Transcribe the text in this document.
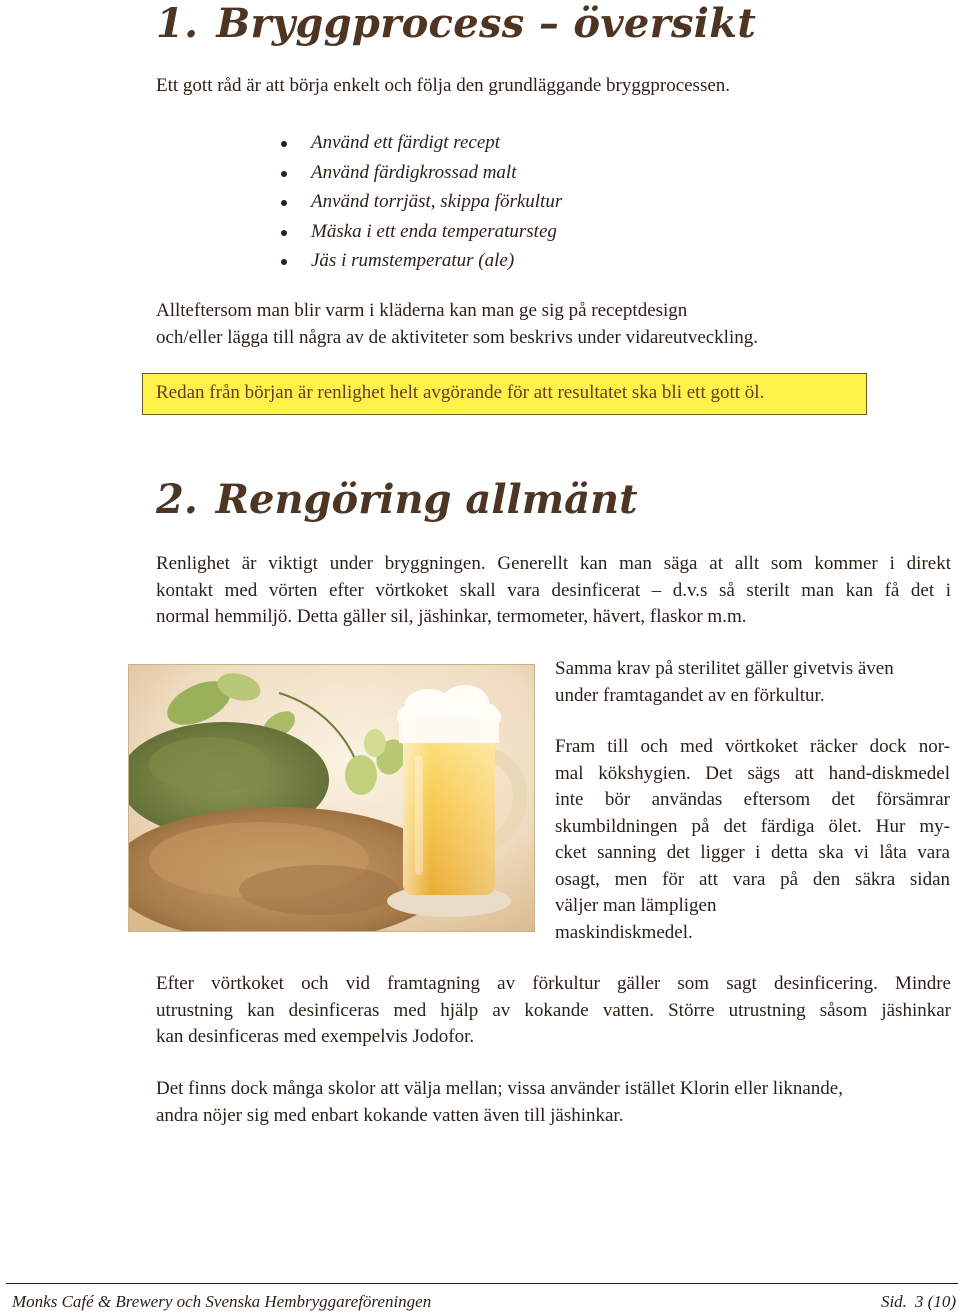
1. Bryggprocess – översikt
Ett gott råd är att börja enkelt och följa den grundläggande bryggprocessen.
Använd ett färdigt recept
Använd färdigkrossad malt
Använd torrjäst, skippa förkultur
Mäska i ett enda temperatursteg
Jäs i rumstemperatur (ale)
Allteftersom man blir varm i kläderna kan man ge sig på receptdesign
och/eller lägga till några av de aktiviteter som beskrivs under vidareutveckling.
Redan från början är renlighet helt avgörande för att resultatet ska bli ett gott öl.
2. Rengöring allmänt
Renlighet är viktigt under bryggningen. Generellt kan man säga at allt som kommer i direkt
kontakt med vörten efter vörtkoket skall vara desinficerat – d.v.s så sterilt man kan få det i
normal hemmiljö. Detta gäller sil, jäshinkar, termometer, hävert, flaskor m.m.
Samma krav på sterilitet gäller givetvis även
under framtagandet av en förkultur.
Fram till och med vörtkoket räcker dock nor-
mal kökshygien. Det sägs att hand-diskmedel
inte bör användas eftersom det försämrar
skumbildningen på det färdiga ölet. Hur my-
cket sanning det ligger i detta ska vi låta vara
osagt, men för att vara på den säkra sidan
väljer man lämpligen
maskindiskmedel.
Efter vörtkoket och vid framtagning av förkultur gäller som sagt desinficering. Mindre
utrustning kan desinficeras med hjälp av kokande vatten. Större utrustning såsom jäshinkar
kan desinficeras med exempelvis Jodofor.
Det finns dock många skolor att välja mellan; vissa använder istället Klorin eller liknande,
andra nöjer sig med enbart kokande vatten även till jäshinkar.
Monks Café & Brewery och Svenska Hembryggareföreningen	Sid. 3 (10)
